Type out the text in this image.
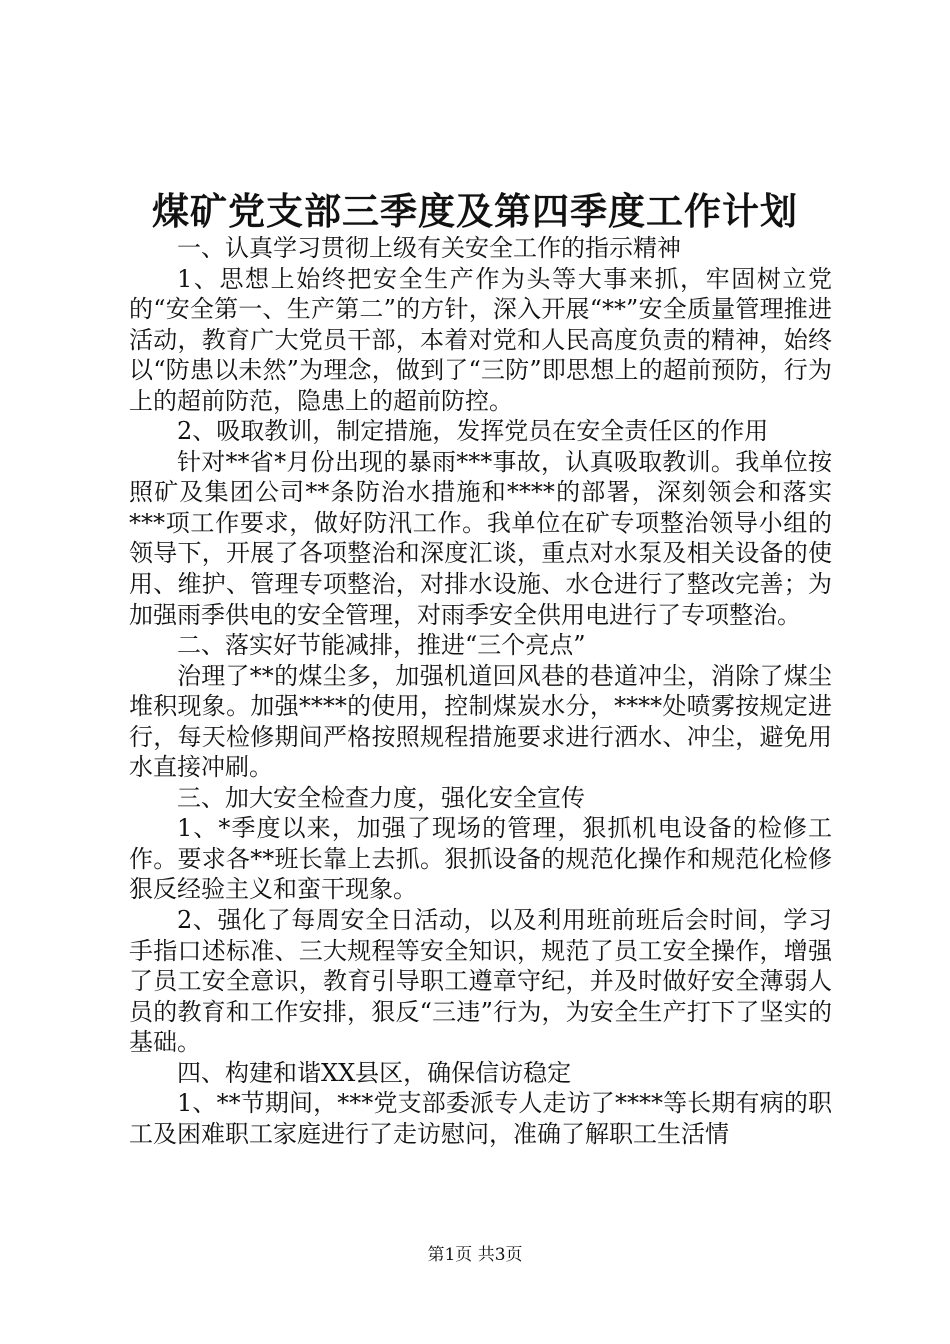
煤矿党支部三季度及第四季度工作计划

一、认真学习贯彻上级有关安全工作的指示精神

1、思想上始终把安全生产作为头等大事来抓，牢固树立党的“安全第一、生产第二”的方针，深入开展“**”安全质量管理推进活动，教育广大党员干部，本着对党和人民高度负责的精神，始终以“防患以未然”为理念，做到了“三防”即思想上的超前预防，行为上的超前防范，隐患上的超前防控。

2、吸取教训，制定措施，发挥党员在安全责任区的作用

针对**省*月份出现的暴雨***事故，认真吸取教训。我单位按照矿及集团公司**条防治水措施和****的部署，深刻领会和落实***项工作要求，做好防汛工作。我单位在矿专项整治领导小组的领导下，开展了各项整治和深度汇谈，重点对水泵及相关设备的使用、维护、管理专项整治，对排水设施、水仓进行了整改完善；为加强雨季供电的安全管理，对雨季安全供用电进行了专项整治。

二、落实好节能减排，推进“三个亮点”

治理了**的煤尘多，加强机道回风巷的巷道冲尘，消除了煤尘堆积现象。加强****的使用，控制煤炭水分，****处喷雾按规定进行，每天检修期间严格按照规程措施要求进行洒水、冲尘，避免用水直接冲刷。

三、加大安全检查力度，强化安全宣传

1、*季度以来，加强了现场的管理，狠抓机电设备的检修工作。要求各**班长靠上去抓。狠抓设备的规范化操作和规范化检修狠反经验主义和蛮干现象。

2、强化了每周安全日活动，以及利用班前班后会时间，学习手指口述标准、三大规程等安全知识，规范了员工安全操作，增强了员工安全意识，教育引导职工遵章守纪，并及时做好安全薄弱人员的教育和工作安排，狠反“三违”行为，为安全生产打下了坚实的基础。

四、构建和谐XX县区，确保信访稳定

1、**节期间，***党支部委派专人走访了****等长期有病的职工及困难职工家庭进行了走访慰问，准确了解职工生活情

第1页 共3页
